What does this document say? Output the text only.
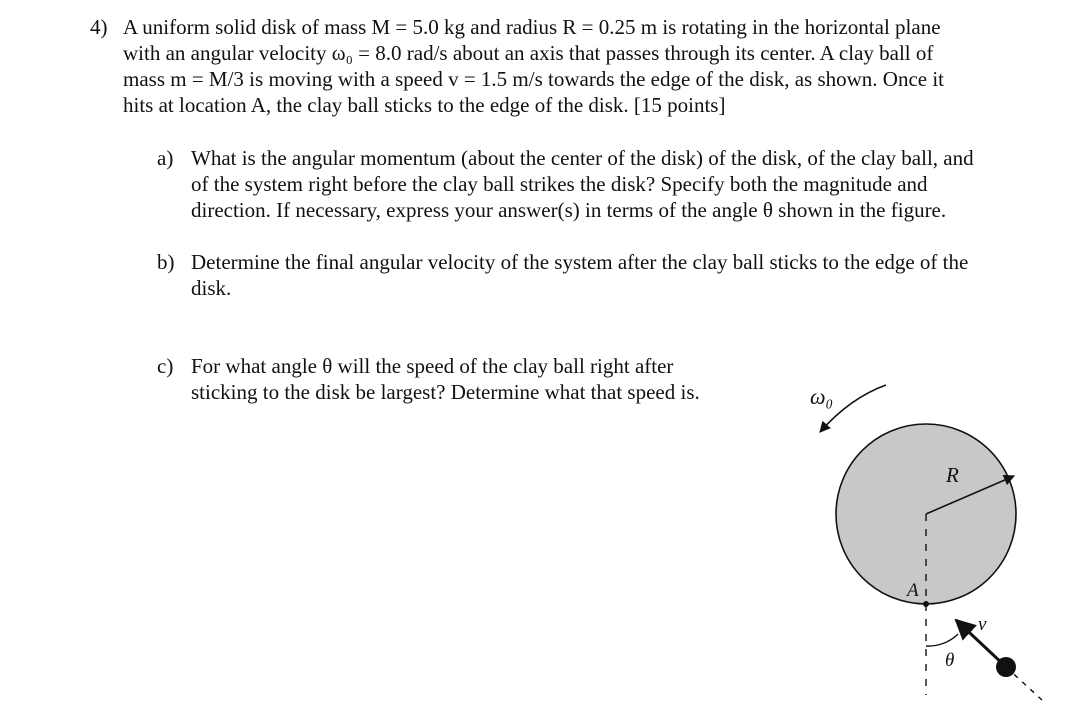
4) A uniform solid disk of mass M = 5.0 kg and radius R = 0.25 m is rotating in the horizontal plane
with an angular velocity ω₀ = 8.0 rad/s about an axis that passes through its center. A clay ball of
mass m = M/3 is moving with a speed v = 1.5 m/s towards the edge of the disk, as shown. Once it
hits at location A, the clay ball sticks to the edge of the disk. [15 points]
a) What is the angular momentum (about the center of the disk) of the disk, of the clay ball, and
of the system right before the clay ball strikes the disk? Specify both the magnitude and
direction. If necessary, express your answer(s) in terms of the angle θ shown in the figure.
b) Determine the final angular velocity of the system after the clay ball sticks to the edge of the
disk.
c) For what angle θ will the speed of the clay ball right after
sticking to the disk be largest? Determine what that speed is.	ω₀
R
A
θ
v
